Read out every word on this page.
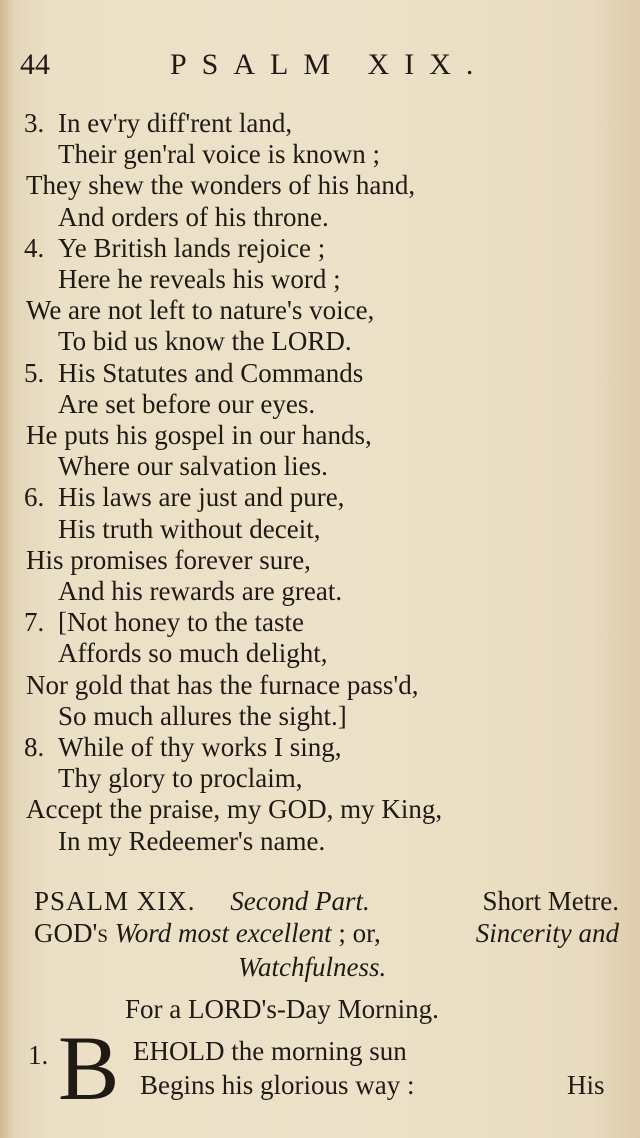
44	PSALM XIX.
3. In ev'ry diff'rent land,
Their gen'ral voice is known ;
They shew the wonders of his hand,
And orders of his throne.
4. Ye British lands rejoice ;
Here he reveals his word ;
We are not left to nature's voice,
To bid us know the LORD.
5. His Statutes and Commands
Are set before our eyes.
He puts his gospel in our hands,
Where our salvation lies.
6. His laws are just and pure,
His truth without deceit,
His promises forever sure,
And his rewards are great.
7. [Not honey to the taste
Affords so much delight,
Nor gold that has the furnace pass'd,
So much allures the sight.]
8. While of thy works I sing,
Thy glory to proclaim,
Accept the praise, my GOD, my King,
In my Redeemer's name.
PSALM XIX. Second Part.	Short Metre.
GOD's Word most excellent ; or,	Sincerity and
Watchfulness.
For a LORD's-Day Morning.
1. B EHOLD the morning sun
Begins his glorious way :	His
